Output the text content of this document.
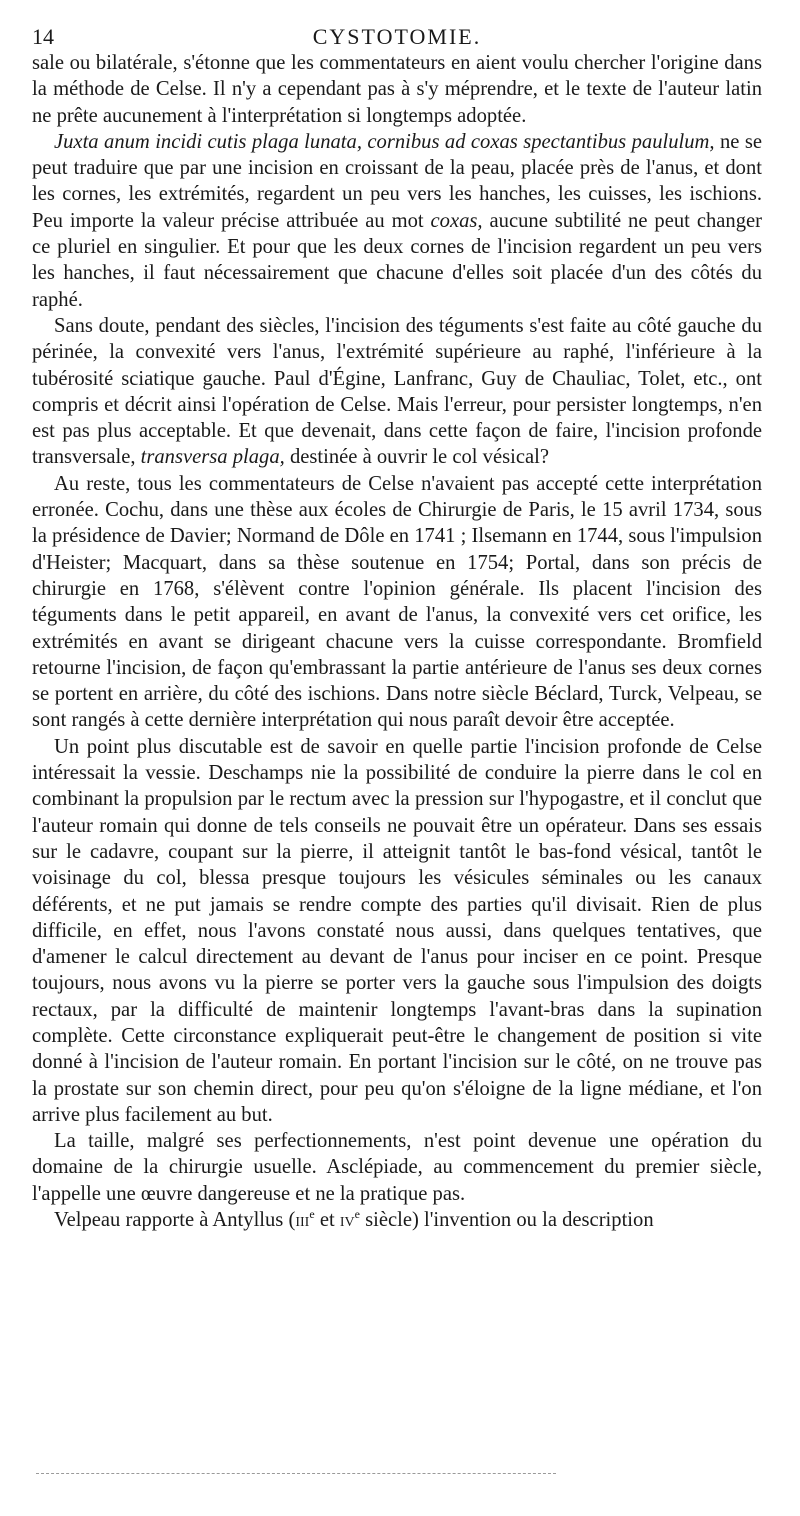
14	CYSTOTOMIE.

sale ou bilatérale, s'étonne que les commentateurs en aient voulu chercher l'origine dans la méthode de Celse. Il n'y a cependant pas à s'y méprendre, et le texte de l'auteur latin ne prête aucunement à l'interprétation si longtemps adoptée.

Juxta anum incidi cutis plaga lunata, cornibus ad coxas spectantibus paululum, ne se peut traduire que par une incision en croissant de la peau, placée près de l'anus, et dont les cornes, les extrémités, regardent un peu vers les hanches, les cuisses, les ischions. Peu importe la valeur précise attribuée au mot coxas, aucune subtilité ne peut changer ce pluriel en singulier. Et pour que les deux cornes de l'incision regardent un peu vers les hanches, il faut nécessairement que chacune d'elles soit placée d'un des côtés du raphé.

Sans doute, pendant des siècles, l'incision des téguments s'est faite au côté gauche du périnée, la convexité vers l'anus, l'extrémité supérieure au raphé, l'inférieure à la tubérosité sciatique gauche. Paul d'Égine, Lanfranc, Guy de Chauliac, Tolet, etc., ont compris et décrit ainsi l'opération de Celse. Mais l'erreur, pour persister longtemps, n'en est pas plus acceptable. Et que devenait, dans cette façon de faire, l'incision profonde transversale, transversa plaga, destinée à ouvrir le col vésical?

Au reste, tous les commentateurs de Celse n'avaient pas accepté cette interprétation erronée. Cochu, dans une thèse aux écoles de Chirurgie de Paris, le 15 avril 1734, sous la présidence de Davier; Normand de Dôle en 1741 ; Ilsemann en 1744, sous l'impulsion d'Heister; Macquart, dans sa thèse soutenue en 1754; Portal, dans son précis de chirurgie en 1768, s'élèvent contre l'opinion générale. Ils placent l'incision des téguments dans le petit appareil, en avant de l'anus, la convexité vers cet orifice, les extrémités en avant se dirigeant chacune vers la cuisse correspondante. Bromfield retourne l'incision, de façon qu'embrassant la partie antérieure de l'anus ses deux cornes se portent en arrière, du côté des ischions. Dans notre siècle Béclard, Turck, Velpeau, se sont rangés à cette dernière interprétation qui nous paraît devoir être acceptée.

Un point plus discutable est de savoir en quelle partie l'incision profonde de Celse intéressait la vessie. Deschamps nie la possibilité de conduire la pierre dans le col en combinant la propulsion par le rectum avec la pression sur l'hypogastre, et il conclut que l'auteur romain qui donne de tels conseils ne pouvait être un opérateur. Dans ses essais sur le cadavre, coupant sur la pierre, il atteignit tantôt le bas-fond vésical, tantôt le voisinage du col, blessa presque toujours les vésicules séminales ou les canaux déférents, et ne put jamais se rendre compte des parties qu'il divisait. Rien de plus difficile, en effet, nous l'avons constaté nous aussi, dans quelques tentatives, que d'amener le calcul directement au devant de l'anus pour inciser en ce point. Presque toujours, nous avons vu la pierre se porter vers la gauche sous l'impulsion des doigts rectaux, par la difficulté de maintenir longtemps l'avant-bras dans la supination complète. Cette circonstance expliquerait peut-être le changement de position si vite donné à l'incision de l'auteur romain. En portant l'incision sur le côté, on ne trouve pas la prostate sur son chemin direct, pour peu qu'on s'éloigne de la ligne médiane, et l'on arrive plus facilement au but.

La taille, malgré ses perfectionnements, n'est point devenue une opération du domaine de la chirurgie usuelle. Asclépiade, au commencement du premier siècle, l'appelle une œuvre dangereuse et ne la pratique pas.

Velpeau rapporte à Antyllus (iii$^e$ et $iv^e$ siècle) l'invention ou la description
